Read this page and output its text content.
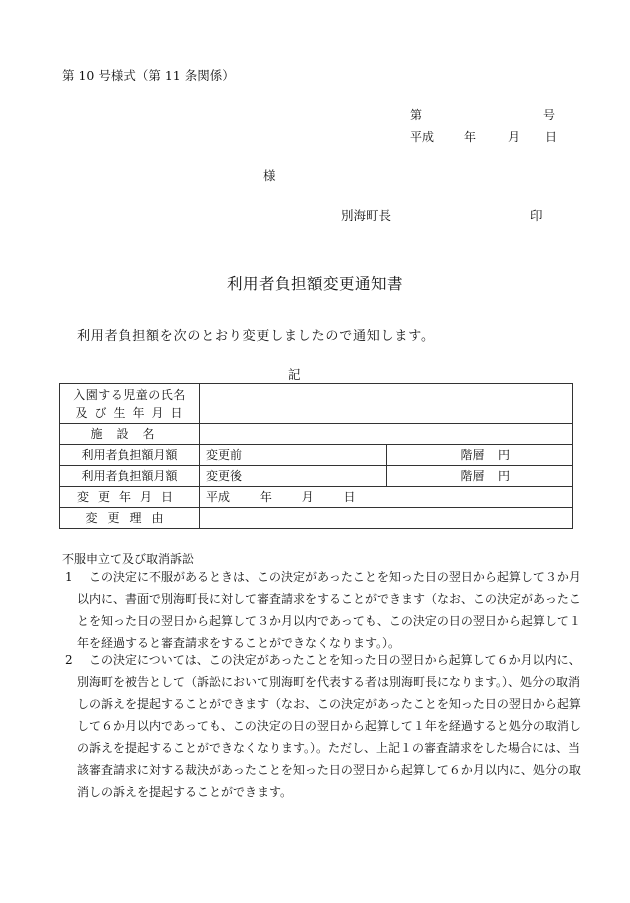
第 10 号様式（第 11 条関係）
第	号
平成 年	月 日
様
別海町長	印
利用者負担額変更通知書
利用者負担額を次のとおり変更しましたので通知します。
記
入園する児童の氏名
及び生年月日		

施設名		
利用者負担額月額	変更前	階層 円

利用者負担額月額	変更後	階層 円

変更年月日	平成 年 月 日	
変更理由		
不服申立て及び取消訴訟
1	この決定に不服があるときは、この決定があったことを知った日の翌日から起算して３か月
以内に、書面で別海町長に対して審査請求をすることができます（なお、この決定があったこ
とを知った日の翌日から起算して３か月以内であっても、この決定の日の翌日から起算して１
年を経過すると審査請求をすることができなくなります。）。
2	この決定については、この決定があったことを知った日の翌日から起算して６か月以内に、
別海町を被告として（訴訟において別海町を代表する者は別海町長になります。）、処分の取消
しの訴えを提起することができます（なお、この決定があったことを知った日の翌日から起算
して６か月以内であっても、この決定の日の翌日から起算して１年を経過すると処分の取消し
の訴えを提起することができなくなります。）。ただし、上記１の審査請求をした場合には、当
該審査請求に対する裁決があったことを知った日の翌日から起算して６か月以内に、処分の取
消しの訴えを提起することができます。
